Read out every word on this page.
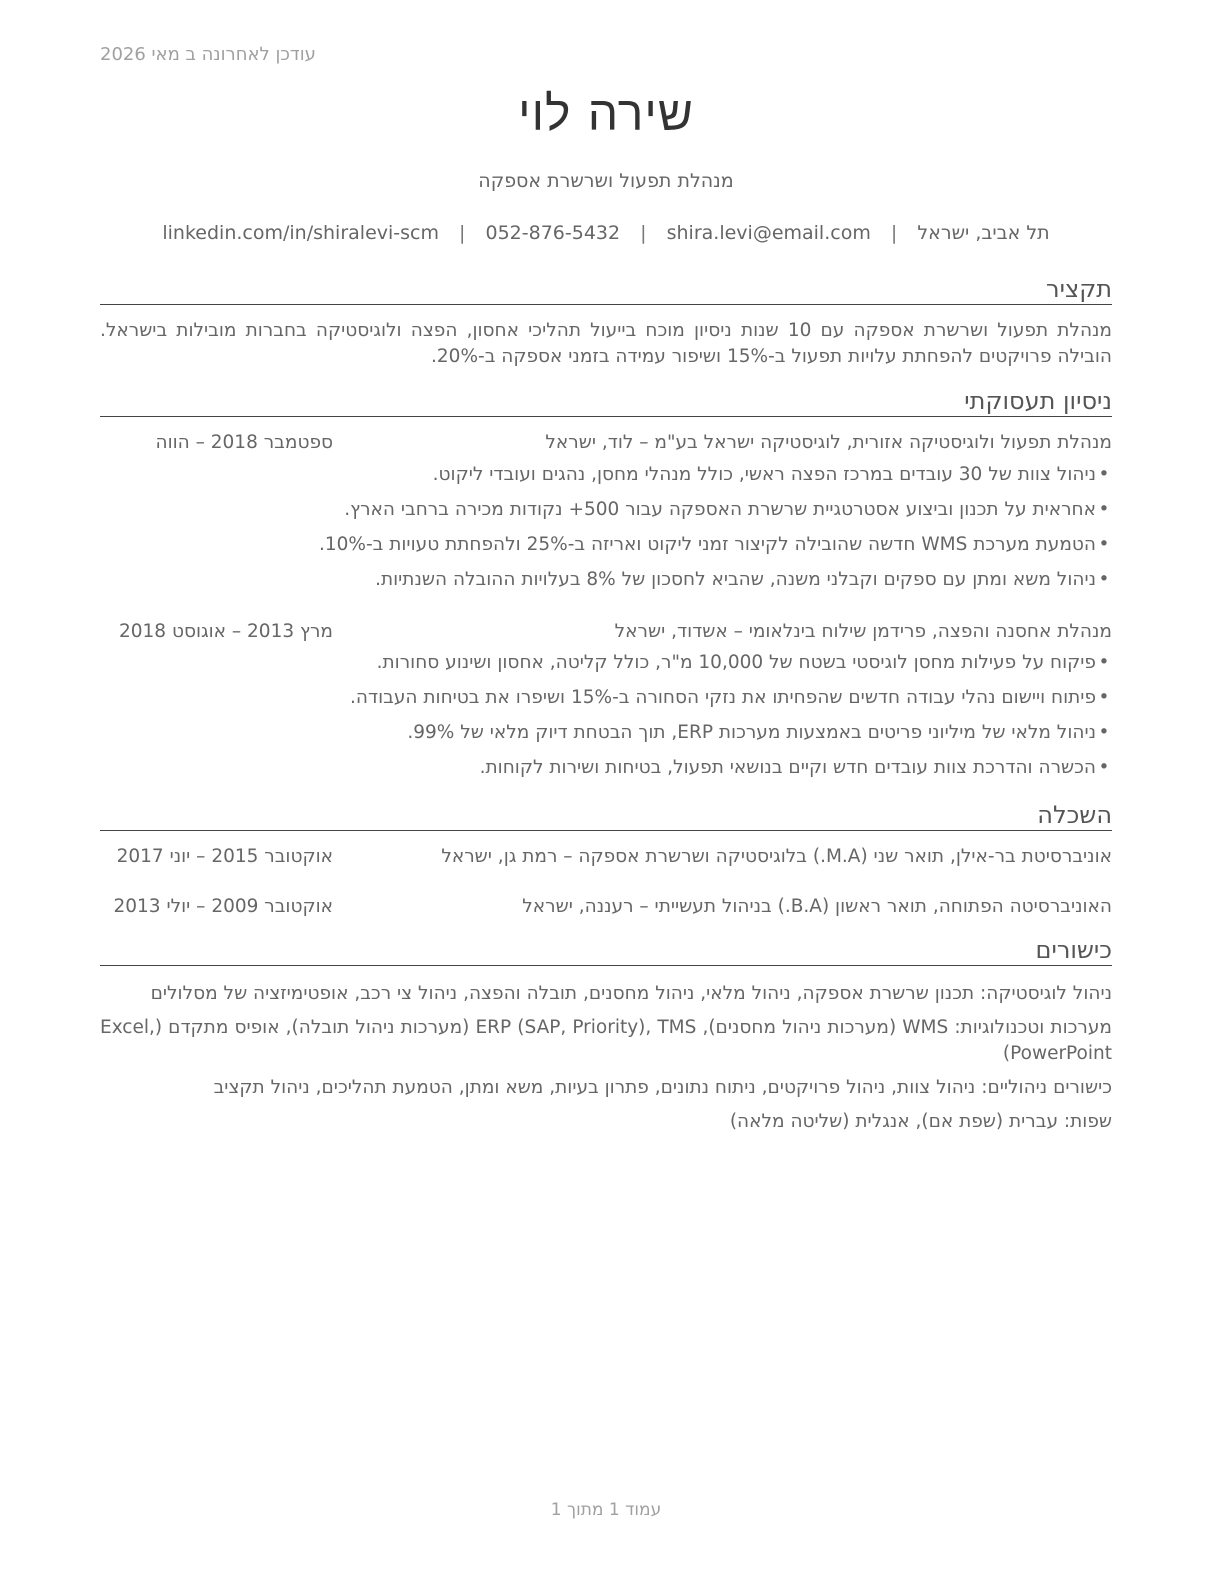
עודכן לאחרונה ב מאי 2026
שירה לוי
מנהלת תפעול ושרשרת אספקה
תל אביב, ישראל | shira.levi@email.com | 052-876-5432 | linkedin.com/in/shiralevi-scm
תקציר
מנהלת תפעול ושרשרת אספקה עם 10 שנות ניסיון מוכח בייעול תהליכי אחסון, הפצה ולוגיסטיקה בחברות מובילות בישראל. הובילה פרויקטים להפחתת עלויות תפעול ב-15% ושיפור עמידה בזמני אספקה ב-20%.
ניסיון תעסוקתי
מנהלת תפעול ולוגיסטיקה אזורית, לוגיסטיקה ישראל בע"מ – לוד, ישראל
ספטמבר 2018 – הווה
•ניהול צוות של 30 עובדים במרכז הפצה ראשי, כולל מנהלי מחסן, נהגים ועובדי ליקוט.
•אחראית על תכנון וביצוע אסטרטגיית שרשרת האספקה עבור 500+ נקודות מכירה ברחבי הארץ.
•הטמעת מערכת WMS חדשה שהובילה לקיצור זמני ליקוט ואריזה ב-25% ולהפחתת טעויות ב-10%.
•ניהול משא ומתן עם ספקים וקבלני משנה, שהביא לחסכון של 8% בעלויות ההובלה השנתיות.
מנהלת אחסנה והפצה, פרידמן שילוח בינלאומי – אשדוד, ישראל
מרץ 2013 – אוגוסט 2018
•פיקוח על פעילות מחסן לוגיסטי בשטח של 10,000 מ"ר, כולל קליטה, אחסון ושינוע סחורות.
•פיתוח ויישום נהלי עבודה חדשים שהפחיתו את נזקי הסחורה ב-15% ושיפרו את בטיחות העבודה.
•ניהול מלאי של מיליוני פריטים באמצעות מערכות ERP, תוך הבטחת דיוק מלאי של 99%.
•הכשרה והדרכת צוות עובדים חדש וקיים בנושאי תפעול, בטיחות ושירות לקוחות.
השכלה
אוניברסיטת בר-אילן, תואר שני (M.A.) בלוגיסטיקה ושרשרת אספקה – רמת גן, ישראל
אוקטובר 2015 – יוני 2017
האוניברסיטה הפתוחה, תואר ראשון (B.A.) בניהול תעשייתי – רעננה, ישראל
אוקטובר 2009 – יולי 2013
כישורים
ניהול לוגיסטיקה: תכנון שרשרת אספקה, ניהול מלאי, ניהול מחסנים, תובלה והפצה, ניהול צי רכב, אופטימיזציה של מסלולים
מערכות וטכנולוגיות: WMS (מערכות ניהול מחסנים), ERP (SAP, Priority), TMS (מערכות ניהול תובלה), אופיס מתקדם (Excel, PowerPoint)
כישורים ניהוליים: ניהול צוות, ניהול פרויקטים, ניתוח נתונים, פתרון בעיות, משא ומתן, הטמעת תהליכים, ניהול תקציב
שפות: עברית (שפת אם), אנגלית (שליטה מלאה)
עמוד 1 מתוך 1
